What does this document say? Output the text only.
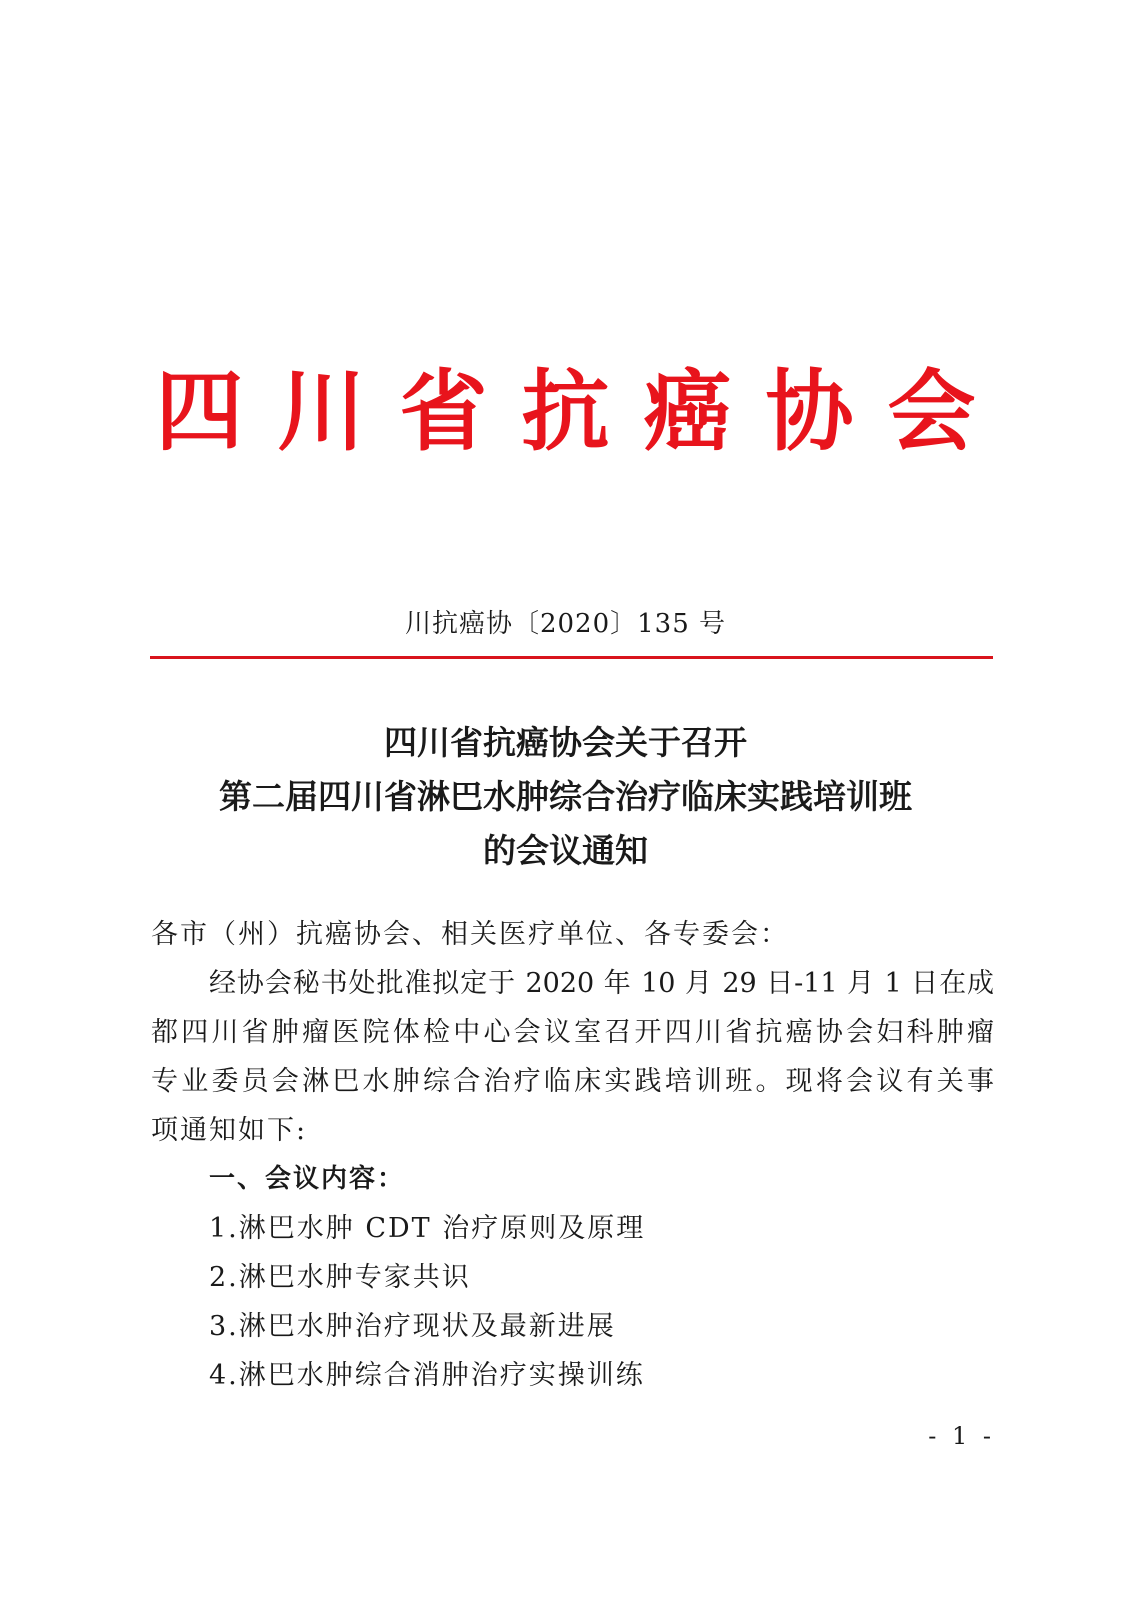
四川省抗癌协会
川抗癌协〔2020〕135 号
四川省抗癌协会关于召开
第二届四川省淋巴水肿综合治疗临床实践培训班
的会议通知
各市（州）抗癌协会、相关医疗单位、各专委会：
经协会秘书处批准拟定于 2020 年 10 月 29 日-11 月 1 日在成
都四川省肿瘤医院体检中心会议室召开四川省抗癌协会妇科肿瘤
专业委员会淋巴水肿综合治疗临床实践培训班。现将会议有关事
项通知如下:
一、会议内容：
1.淋巴水肿 CDT 治疗原则及原理
2.淋巴水肿专家共识
3.淋巴水肿治疗现状及最新进展
4.淋巴水肿综合消肿治疗实操训练
- 1 -
